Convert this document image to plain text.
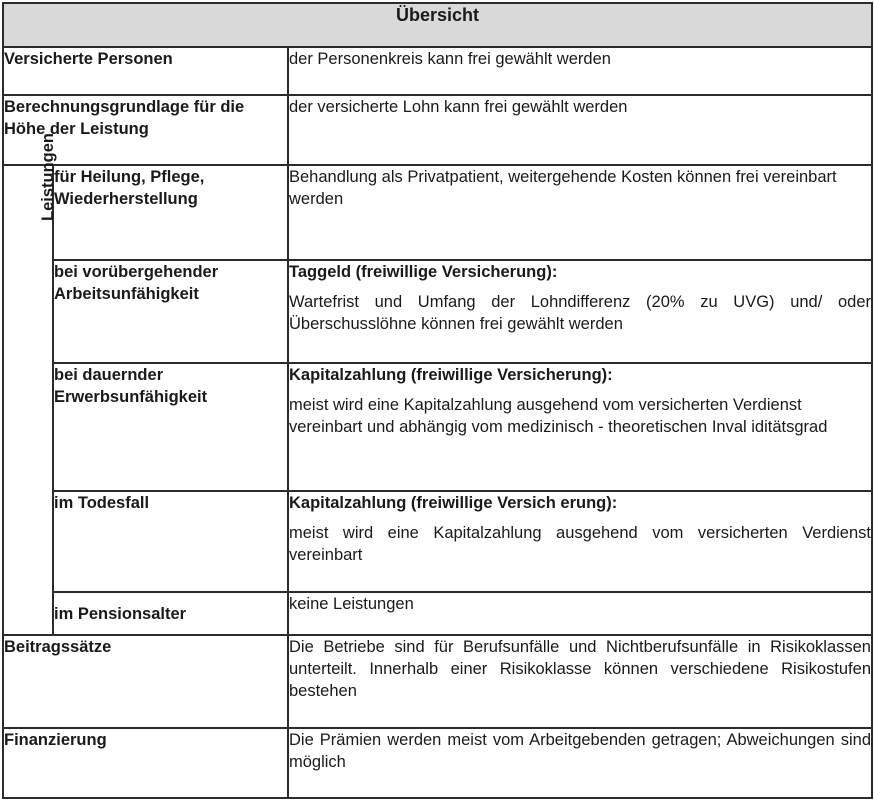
Übersicht		
Versicherte Personen		der Personenkreis kann frei gewählt werden
Berechnungsgrundlage für die Höhe der Leistung		der versicherte Lohn kann frei gewählt werden
Leistungen	für Heilung, Pflege, Wiederherstellung	Behandlung als Privatpatient, weitergehende Kosten können frei vereinbart werden
	bei vorübergehender Arbeitsunfähigkeit	Taggeld (freiwillige Versicherung):

Wartefrist und Umfang der Lohndifferenz (20% zu UVG) und/ oder Überschusslöhne können frei gewählt werden

	bei dauernder Erwerbsunfähigkeit	Kapitalzahlung (freiwillige Versicherung):

meist wird eine Kapitalzahlung ausgehend vom versicherten Verdienst vereinbart und abhängig vom medizinisch - theoretischen Inval iditätsgrad

	im Todesfall	Kapitalzahlung (freiwillige Versich erung):

meist wird eine Kapitalzahlung ausgehend vom versicherten Verdienst vereinbart

	im Pensionsalter	keine Leistungen
Beitragssätze		Die Betriebe sind für Berufsunfälle und Nichtberufsunfälle in Risikoklassen unterteilt. Innerhalb einer Risikoklasse können verschiedene Risikostufen bestehen
Finanzierung		Die Prämien werden meist vom Arbeitgebenden getragen; Abweichungen sind möglich
